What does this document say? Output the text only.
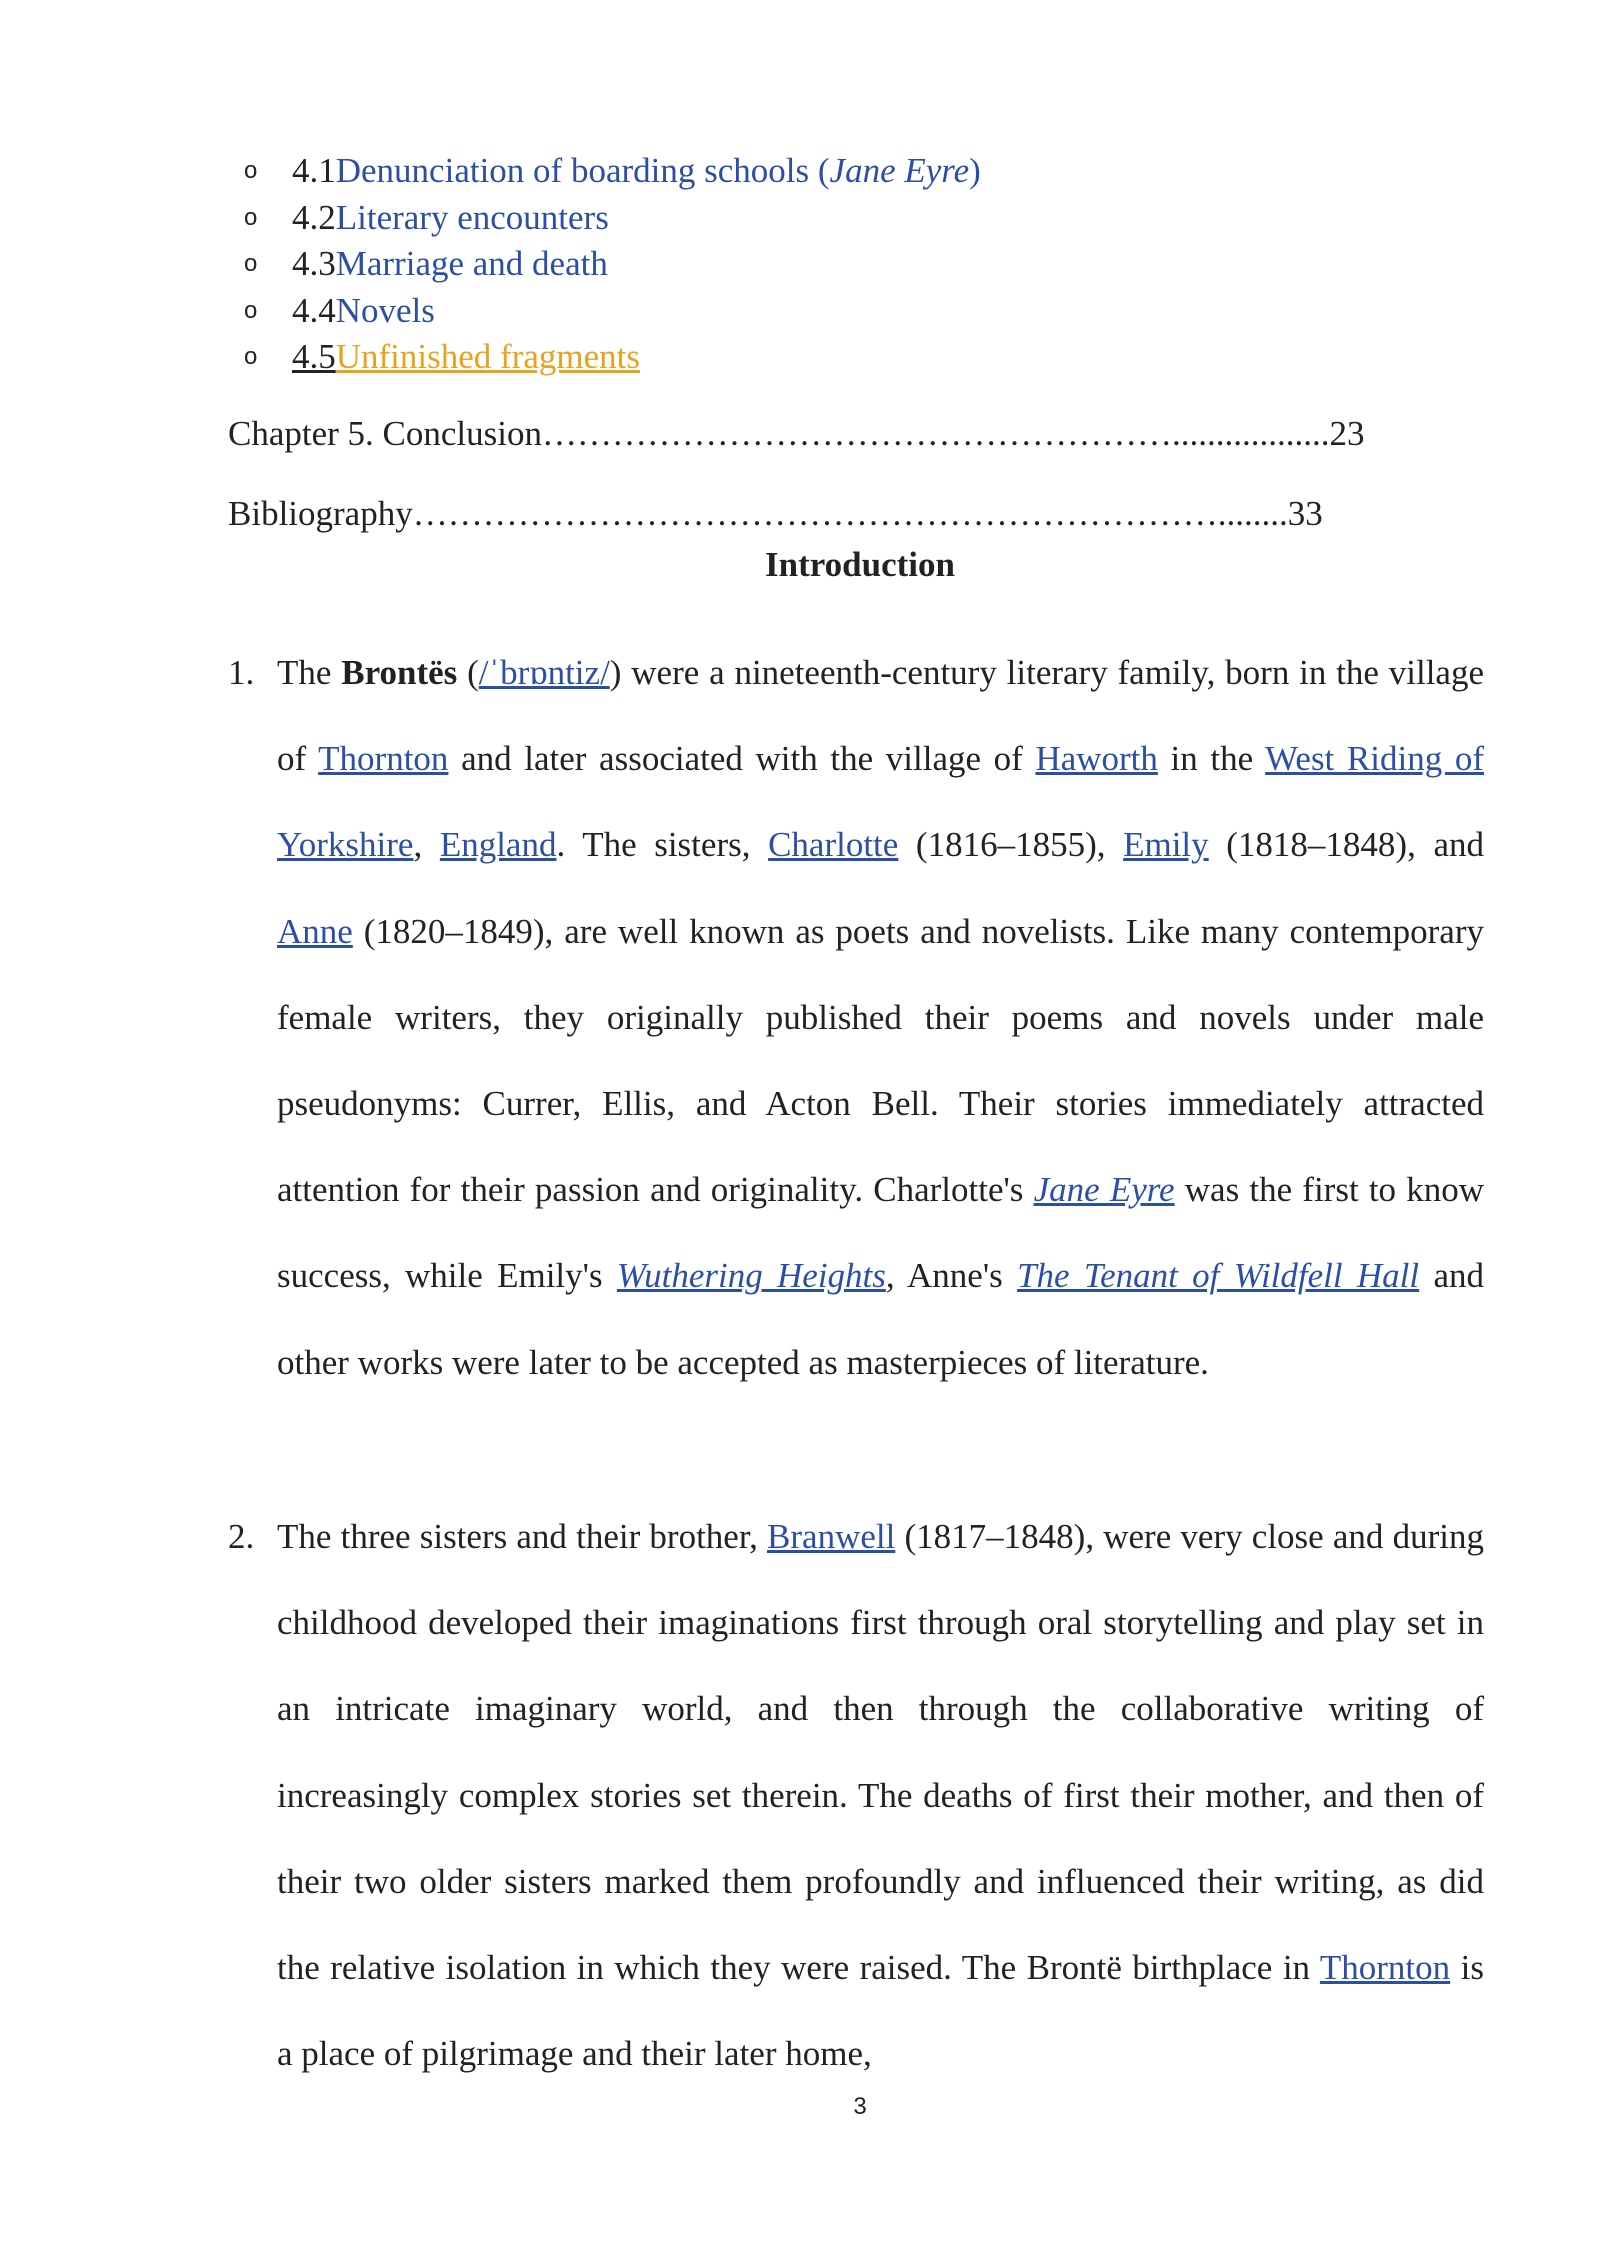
o 4.1Denunciation of boarding schools (Jane Eyre)
o 4.2Literary encounters
o 4.3Marriage and death
o 4.4Novels
o 4.5Unfinished fragments
Chapter 5. Conclusion………………………………………………..................23
Bibliography……………………………………………………………........33
Introduction
1. The Brontës (/ˈbrɒntiz/) were a nineteenth-century literary family, born in the village of Thornton and later associated with the village of Haworth in the West Riding of Yorkshire, England. The sisters, Charlotte (1816–1855), Emily (1818–1848), and Anne (1820–1849), are well known as poets and novelists. Like many contemporary female writers, they originally published their poems and novels under male pseudonyms: Currer, Ellis, and Acton Bell. Their stories immediately attracted attention for their passion and originality. Charlotte's Jane Eyre was the first to know success, while Emily's Wuthering Heights, Anne's The Tenant of Wildfell Hall and other works were later to be accepted as masterpieces of literature.
2. The three sisters and their brother, Branwell (1817–1848), were very close and during childhood developed their imaginations first through oral storytelling and play set in an intricate imaginary world, and then through the collaborative writing of increasingly complex stories set therein. The deaths of first their mother, and then of their two older sisters marked them profoundly and influenced their writing, as did the relative isolation in which they were raised. The Brontë birthplace in Thornton is a place of pilgrimage and their later home,
3
